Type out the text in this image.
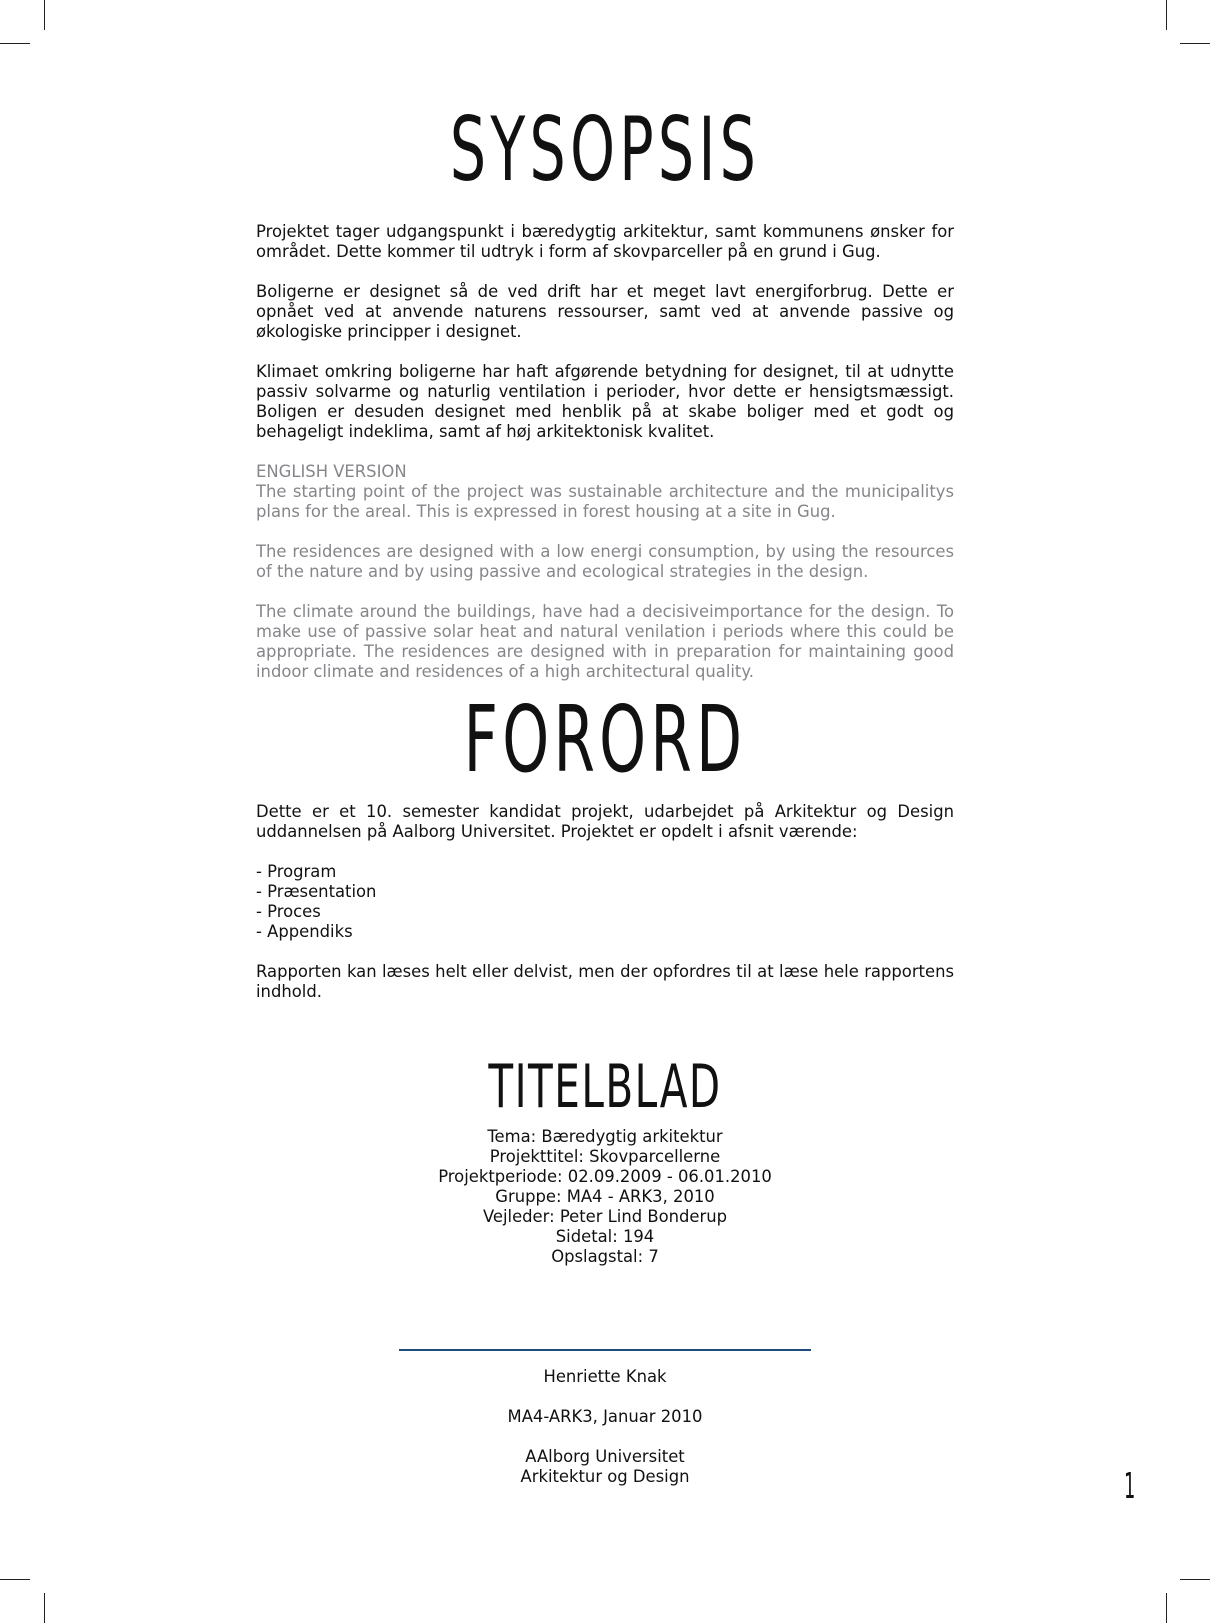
SYSOPSIS

Projektet tager udgangspunkt i bæredygtig arkitektur, samt kommunens ønsker for området. Dette kommer til udtryk i form af skovparceller på en grund i Gug.

Boligerne er designet så de ved drift har et meget lavt energiforbrug. Dette er opnået ved at anvende naturens ressourser, samt ved at anvende passive og økologiske principper i designet.

Klimaet omkring boligerne har haft afgørende betydning for designet, til at udnytte passiv solvarme og naturlig ventilation i perioder, hvor dette er hensigtsmæssigt. Boligen er desuden designet med henblik på at skabe boliger med et godt og behageligt indeklima, samt af høj arkitektonisk kvalitet.

ENGLISH VERSION

The starting point of the project was sustainable architecture and the municipalitys plans for the areal. This is expressed in forest housing at a site in Gug.

The residences are designed with a low energi consumption, by using the resources of the nature and by using passive and ecological strategies in the design.

The climate around the buildings, have had a decisiveimportance for the design. To make use of passive solar heat and natural venilation i periods where this could be appropriate. The residences are designed with in preparation for maintaining good indoor climate and residences of a high architectural quality.

FORORD

Dette er et 10. semester kandidat projekt, udarbejdet på Arkitektur og Design uddannelsen på Aalborg Universitet. Projektet er opdelt i afsnit værende:

- Program
- Præsentation
- Proces
- Appendiks

Rapporten kan læses helt eller delvist, men der opfordres til at læse hele rapportens indhold.

TITELBLAD
Tema: Bæredygtig arkitektur
Projekttitel: Skovparcellerne
Projektperiode: 02.09.2009 - 06.01.2010
Gruppe: MA4 - ARK3, 2010
Vejleder: Peter Lind Bonderup
Sidetal: 194
Opslagstal: 7
Henriette Knak
MA4-ARK3, Januar 2010
AAlborg Universitet
Arkitektur og Design	1
